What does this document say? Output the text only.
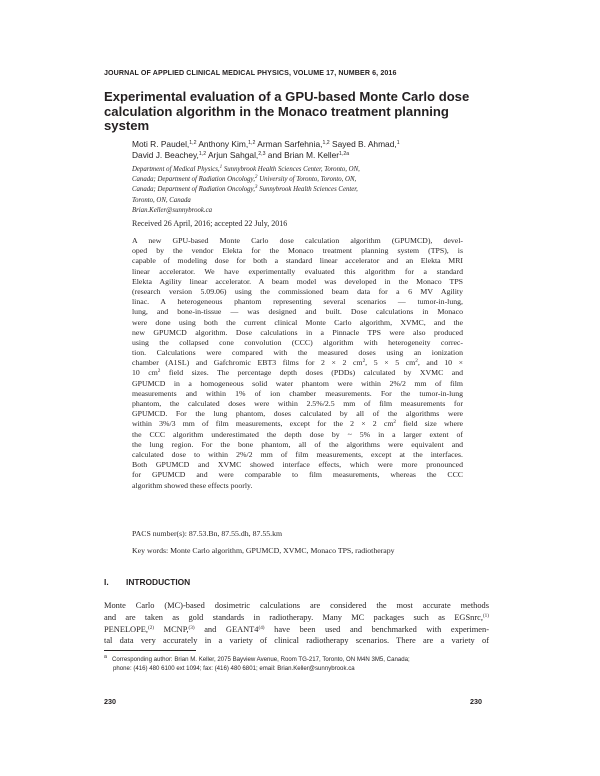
JOURNAL OF APPLIED CLINICAL MEDICAL PHYSICS, VOLUME 17, NUMBER 6, 2016
Experimental evaluation of a GPU-based Monte Carlo dose calculation algorithm in the Monaco treatment planning system
Moti R. Paudel,$^{1,2}$ Anthony Kim,$^{1,2}$ Arman Sarfehnia,$^{1,2}$ Sayed B. Ahmad,$^1$
David J. Beachey,$^{1,2}$ Arjun Sahgal,$^{2,3}$ and Brian M. Keller$^{1,2a}$
Department of Medical Physics,$^1$ Sunnybrook Health Sciences Center, Toronto, ON,
Canada; Department of Radiation Oncology,$^2$ University of Toronto, Toronto, ON,
Canada; Department of Radiation Oncology,$^3$ Sunnybrook Health Sciences Center,
Toronto, ON, Canada
Brian.Keller@sunnybrook.ca
Received 26 April, 2016; accepted 22 July, 2016
A new GPU-based Monte Carlo dose calculation algorithm (GPUMCD), devel-
oped by the vendor Elekta for the Monaco treatment planning system (TPS), is
capable of modeling dose for both a standard linear accelerator and an Elekta MRI
linear accelerator. We have experimentally evaluated this algorithm for a standard
Elekta Agility linear accelerator. A beam model was developed in the Monaco TPS
(research version 5.09.06) using the commissioned beam data for a 6 MV Agility
linac. A heterogeneous phantom representing several scenarios — tumor-in-lung,
lung, and bone-in-tissue — was designed and built. Dose calculations in Monaco
were done using both the current clinical Monte Carlo algorithm, XVMC, and the
new GPUMCD algorithm. Dose calculations in a Pinnacle TPS were also produced
using the collapsed cone convolution (CCC) algorithm with heterogeneity correc-
tion. Calculations were compared with the measured doses using an ionization
chamber (A1SL) and Gafchromic EBT3 films for 2 × 2 $cm^2$, 5 × 5 $cm^2$, and 10 ×
10 $cm^2$ field sizes. The percentage depth doses (PDDs) calculated by XVMC and
GPUMCD in a homogeneous solid water phantom were within 2%/2 mm of film
measurements and within 1% of ion chamber measurements. For the tumor-in-lung
phantom, the calculated doses were within 2.5%/2.5 mm of film measurements for
GPUMCD. For the lung phantom, doses calculated by all of the algorithms were
within 3%/3 mm of film measurements, except for the 2 × 2 $cm^2$ field size where
the CCC algorithm underestimated the depth dose by ~ 5% in a larger extent of
the lung region. For the bone phantom, all of the algorithms were equivalent and
calculated dose to within 2%/2 mm of film measurements, except at the interfaces.
Both GPUMCD and XVMC showed interface effects, which were more pronounced
for GPUMCD and were comparable to film measurements, whereas the CCC
algorithm showed these effects poorly.
PACS number(s): 87.53.Bn, 87.55.dh, 87.55.km
Key words: Monte Carlo algorithm, GPUMCD, XVMC, Monaco TPS, radiotherapy
I. INTRODUCTION
Monte Carlo (MC)-based dosimetric calculations are considered the most accurate methods
and are taken as gold standards in radiotherapy. Many MC packages such as EGSnrc,$^{(1)}$
PENELOPE,$^{(2)}$ MCNP,$^{(3)}$ and GEANT4$^{(4)}$ have been used and benchmarked with experimen-
tal data very accurately in a variety of clinical radiotherapy scenarios. There are a variety of
$^a$ Corresponding author: Brian M. Keller, 2075 Bayview Avenue, Room TG-217, Toronto, ON M4N 3M5, Canada;
phone: (416) 480 6100 ext 1094; fax: (416) 480 6801; email: Brian.Keller@sunnybrook.ca
230	230
